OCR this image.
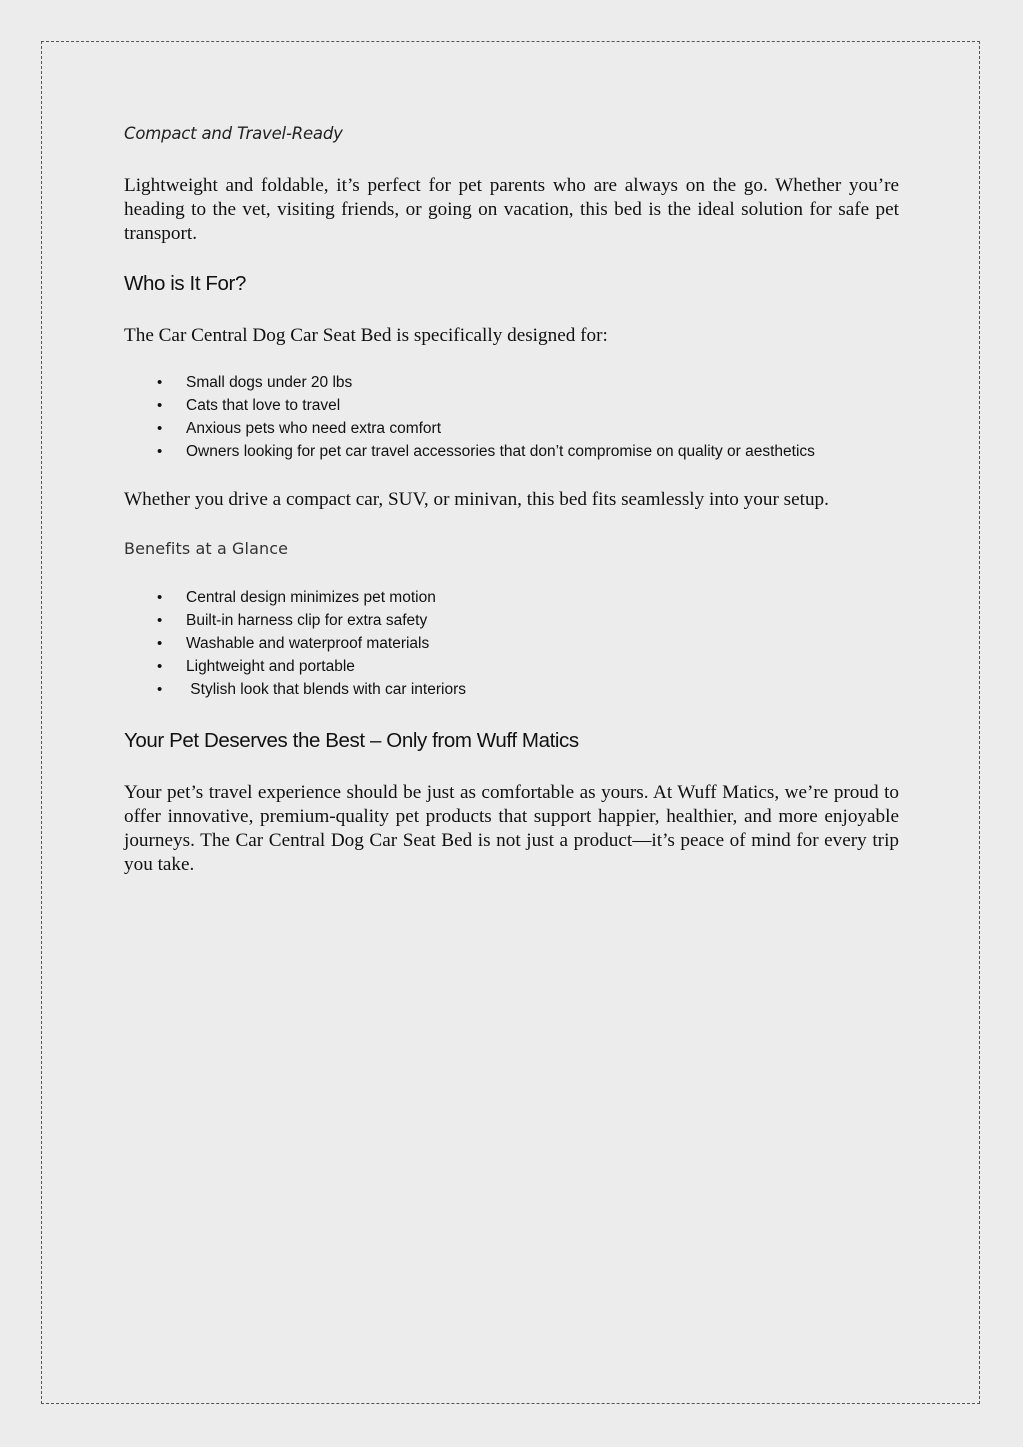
Compact and Travel-Ready

Lightweight and foldable, it’s perfect for pet parents who are always on the go. Whether you’re heading to the vet, visiting friends, or going on vacation, this bed is the ideal solution for safe pet transport.

Who is It For?
The Car Central Dog Car Seat Bed is specifically designed for:
• Small dogs under 20 lbs
• Cats that love to travel
• Anxious pets who need extra comfort
• Owners looking for pet car travel accessories that don’t compromise on quality or aesthetics
Whether you drive a compact car, SUV, or minivan, this bed fits seamlessly into your setup.
Benefits at a Glance
• Central design minimizes pet motion
• Built-in harness clip for extra safety
• Washable and waterproof materials
• Lightweight and portable
• Stylish look that blends with car interiors
Your Pet Deserves the Best – Only from Wuff Matics

Your pet’s travel experience should be just as comfortable as yours. At Wuff Matics, we’re proud to offer innovative, premium-quality pet products that support happier, healthier, and more enjoyable journeys. The Car Central Dog Car Seat Bed is not just a product—it’s peace of mind for every trip you take.
